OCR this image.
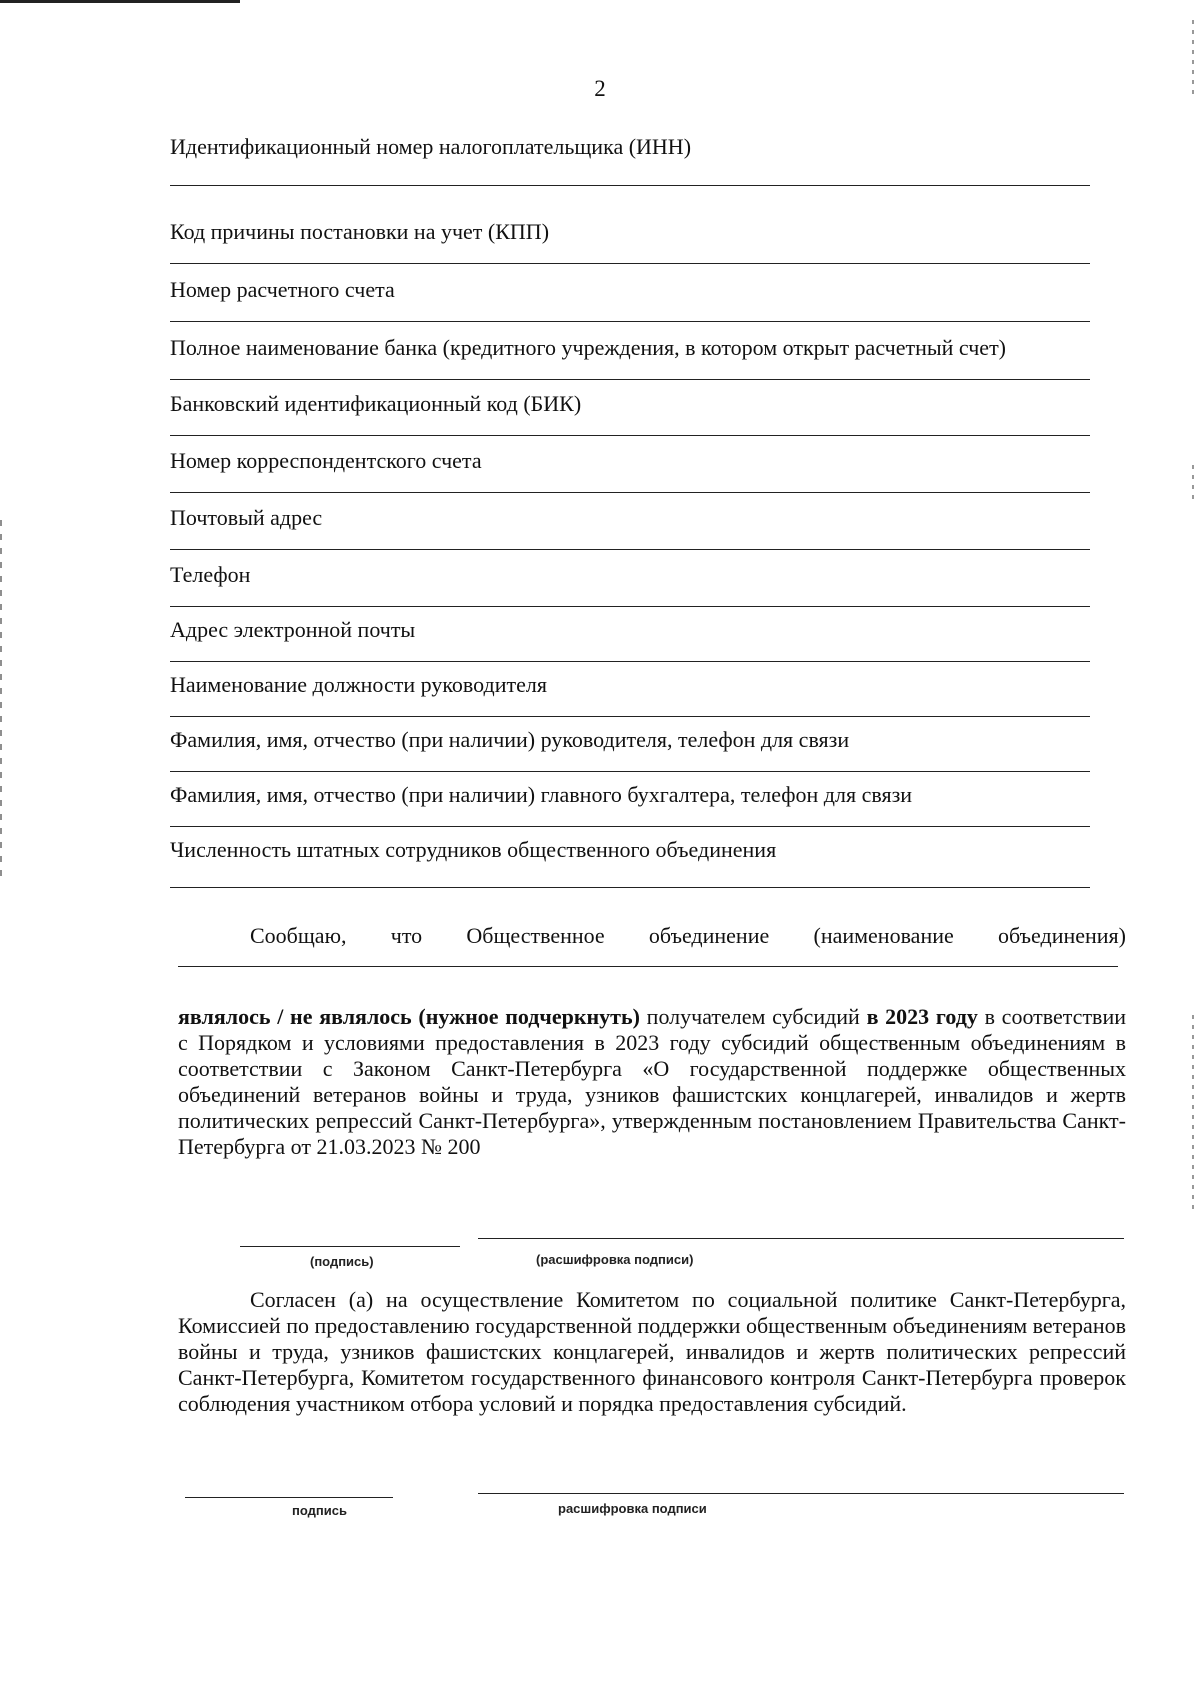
2
Идентификационный номер налогоплательщика (ИНН)
Код причины постановки на учет (КПП)
Номер расчетного счета
Полное наименование банка (кредитного учреждения, в котором открыт расчетный счет)
Банковский идентификационный код (БИК)
Номер корреспондентского счета
Почтовый адрес
Телефон
Адрес электронной почты
Наименование должности руководителя
Фамилия, имя, отчество (при наличии) руководителя, телефон для связи
Фамилия, имя, отчество (при наличии) главного бухгалтера, телефон для связи
Численность штатных сотрудников общественного объединения
Сообщаю, что Общественное объединение (наименование объединения)
являлось / не являлось (нужное подчеркнуть) получателем субсидий в 2023 году в соответствии с Порядком и условиями предоставления в 2023 году субсидий общественным объединениям в соответствии с Законом Санкт-Петербурга «О государственной поддержке общественных объединений ветеранов войны и труда, узников фашистских концлагерей, инвалидов и жертв политических репрессий Санкт-Петербурга», утвержденным постановлением Правительства Санкт-Петербурга от 21.03.2023 № 200
(подпись)	(расшифровка подписи)
Согласен (а) на осуществление Комитетом по социальной политике Санкт-Петербурга, Комиссией по предоставлению государственной поддержки общественным объединениям ветеранов войны и труда, узников фашистских концлагерей, инвалидов и жертв политических репрессий Санкт-Петербурга, Комитетом государственного финансового контроля Санкт-Петербурга проверок соблюдения участником отбора условий и порядка предоставления субсидий.
подпись	расшифровка подписи
